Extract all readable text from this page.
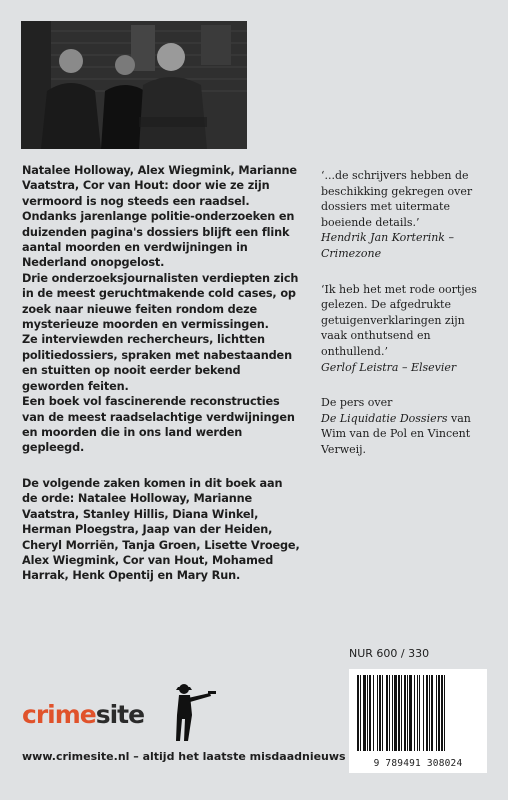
Natalee Holloway, Alex Wiegmink, Marianne Vaatstra, Cor van Hout: door wie ze zijn vermoord is nog steeds een raadsel. Ondanks jarenlange politie-onderzoeken en duizenden pagina's dossiers blijft een flink aantal moorden en verdwijningen in Nederland onopgelost.

Drie onderzoeksjournalisten verdiepten zich in de meest geruchtmakende cold cases, op zoek naar nieuwe feiten rondom deze mysterieuze moorden en vermissingen.

Ze interviewden rechercheurs, lichtten politiedossiers, spraken met nabestaanden en stuitten op nooit eerder bekend geworden feiten.

Een boek vol fascinerende reconstructies van de meest raadselachtige verdwijningen en moorden die in ons land werden gepleegd.

De volgende zaken komen in dit boek aan de orde: Natalee Holloway, Marianne Vaatstra, Stanley Hillis, Diana Winkel, Herman Ploegstra, Jaap van der Heiden, Cheryl Morriën, Tanja Groen, Lisette Vroege, Alex Wiegmink, Cor van Hout, Mohamed Harrak, Henk Opentij en Mary Run.

‘...de schrijvers hebben de beschikking gekregen over dossiers met uitermate boeiende details.’
Hendrik Jan Korterink – Crimezone

‘Ik heb het met rode oortjes gelezen. De afgedrukte getuigenverklaringen zijn vaak onthutsend en onthullend.’
Gerlof Leistra – Elsevier

De pers over
De Liquidatie Dossiers van Wim van de Pol en Vincent Verweij.

NUR 600 / 330
9 789491 308024
crimesite
www.crimesite.nl – altijd het laatste misdaadnieuws
